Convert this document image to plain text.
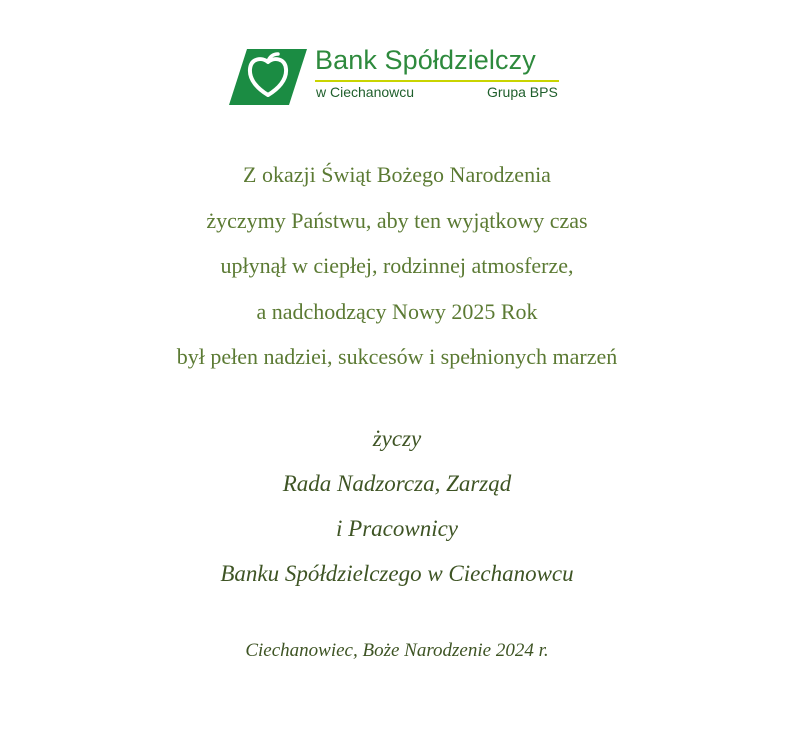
Bank Spółdzielczy
w Ciechanowcu	Grupa BPS
Z okazji Świąt Bożego Narodzenia
życzymy Państwu, aby ten wyjątkowy czas
upłynął w ciepłej, rodzinnej atmosferze,
a nadchodzący Nowy 2025 Rok
był pełen nadziei, sukcesów i spełnionych marzeń
życzy
Rada Nadzorcza, Zarząd
i Pracownicy
Banku Spółdzielczego w Ciechanowcu
Ciechanowiec, Boże Narodzenie 2024 r.
